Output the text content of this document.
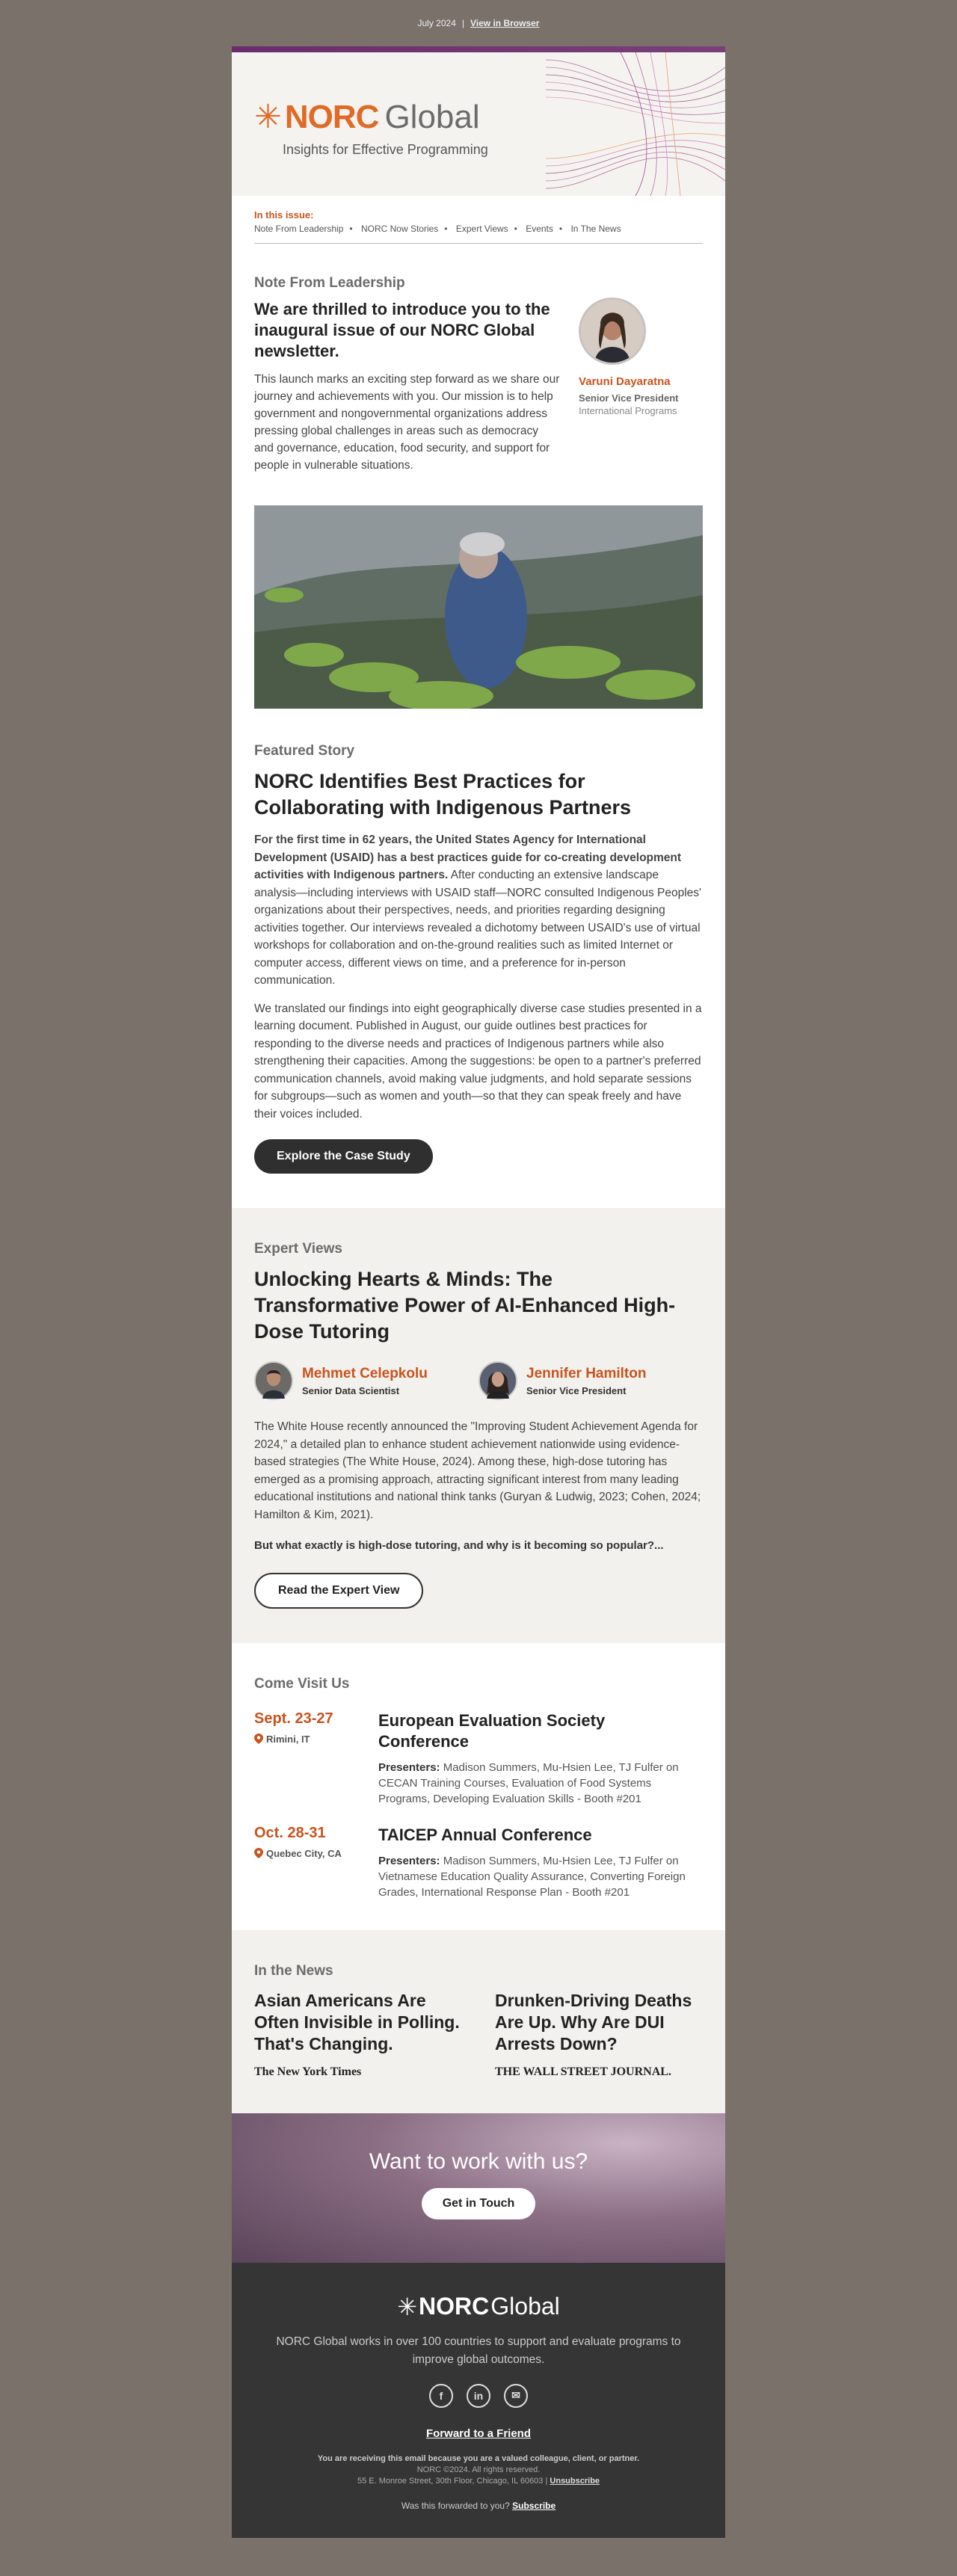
July 2024 | View in Browser
✳ NORC Global
Insights for Effective Programming
In this issue:
Note From Leadership • NORC Now Stories • Expert Views • Events • In The News
Note From Leadership
We are thrilled to introduce you to the inaugural issue of our NORC Global newsletter.

This launch marks an exciting step forward as we share our journey and achievements with you. Our mission is to help government and nongovernmental organizations address pressing global challenges in areas such as democracy and governance, education, food security, and support for people in vulnerable situations.

Varuni Dayaratna
Senior Vice President
International Programs
Featured Story
NORC Identifies Best Practices for Collaborating with Indigenous Partners

For the first time in 62 years, the United States Agency for International Development (USAID) has a best practices guide for co-creating development activities with Indigenous partners. After conducting an extensive landscape analysis—including interviews with USAID staff—NORC consulted Indigenous Peoples' organizations about their perspectives, needs, and priorities regarding designing activities together. Our interviews revealed a dichotomy between USAID's use of virtual workshops for collaboration and on-the-ground realities such as limited Internet or computer access, different views on time, and a preference for in-person communication.

We translated our findings into eight geographically diverse case studies presented in a learning document. Published in August, our guide outlines best practices for responding to the diverse needs and practices of Indigenous partners while also strengthening their capacities. Among the suggestions: be open to a partner's preferred communication channels, avoid making value judgments, and hold separate sessions for subgroups—such as women and youth—so that they can speak freely and have their voices included.

Explore the Case Study
Expert Views
Unlocking Hearts & Minds: The Transformative Power of AI-Enhanced High-Dose Tutoring
Mehmet Celepkolu
Senior Data Scientist
Jennifer Hamilton
Senior Vice President

The White House recently announced the "Improving Student Achievement Agenda for 2024," a detailed plan to enhance student achievement nationwide using evidence-based strategies (The White House, 2024). Among these, high-dose tutoring has emerged as a promising approach, attracting significant interest from many leading educational institutions and national think tanks (Guryan & Ludwig, 2023; Cohen, 2024; Hamilton & Kim, 2021).

But what exactly is high-dose tutoring, and why is it becoming so popular?...

Read the Expert View
Come Visit Us
Sept. 23-27
Rimini, IT
European Evaluation Society Conference
Presenters: Madison Summers, Mu-Hsien Lee, TJ Fulfer on CECAN Training Courses, Evaluation of Food Systems Programs, Developing Evaluation Skills - Booth #201
Oct. 28-31
Quebec City, CA
TAICEP Annual Conference
Presenters: Madison Summers, Mu-Hsien Lee, TJ Fulfer on Vietnamese Education Quality Assurance, Converting Foreign Grades, International Response Plan - Booth #201
In the News
Asian Americans Are Often Invisible in Polling. That's Changing.
The New York Times
Drunken-Driving Deaths Are Up. Why Are DUI Arrests Down?
THE WALL STREET JOURNAL.
Want to work with us?
Get in Touch
✳ NORC Global
NORC Global works in over 100 countries to support and evaluate programs to improve global outcomes.
f	in	✉
Forward to a Friend
You are receiving this email because you are a valued colleague, client, or partner.
NORC ©2024. All rights reserved.
55 E. Monroe Street, 30th Floor, Chicago, IL 60603 | Unsubscribe
Was this forwarded to you? Subscribe
